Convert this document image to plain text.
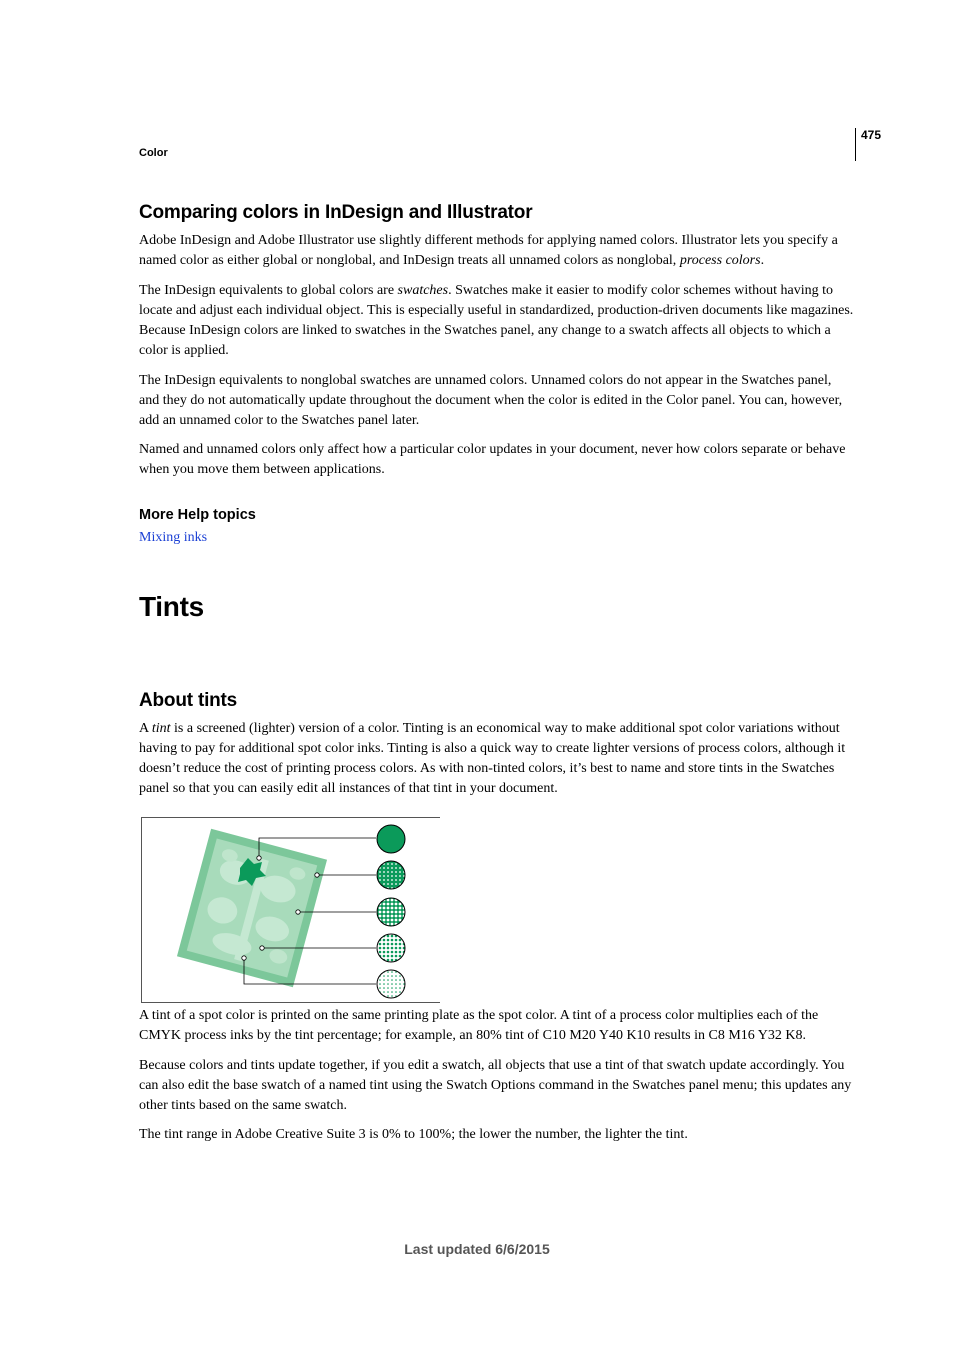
475
Color
Comparing colors in InDesign and Illustrator
Adobe InDesign and Adobe Illustrator use slightly different methods for applying named colors. Illustrator lets you specify a named color as either global or nonglobal, and InDesign treats all unnamed colors as nonglobal, process colors.
The InDesign equivalents to global colors are swatches. Swatches make it easier to modify color schemes without having to locate and adjust each individual object. This is especially useful in standardized, production-driven documents like magazines. Because InDesign colors are linked to swatches in the Swatches panel, any change to a swatch affects all objects to which a color is applied.
The InDesign equivalents to nonglobal swatches are unnamed colors. Unnamed colors do not appear in the Swatches panel, and they do not automatically update throughout the document when the color is edited in the Color panel. You can, however, add an unnamed color to the Swatches panel later.
Named and unnamed colors only affect how a particular color updates in your document, never how colors separate or behave when you move them between applications.
More Help topics
Mixing inks
Tints
About tints
A tint is a screened (lighter) version of a color. Tinting is an economical way to make additional spot color variations without having to pay for additional spot color inks. Tinting is also a quick way to create lighter versions of process colors, although it doesn’t reduce the cost of printing process colors. As with non-tinted colors, it’s best to name and store tints in the Swatches panel so that you can easily edit all instances of that tint in your document.
A tint of a spot color is printed on the same printing plate as the spot color. A tint of a process color multiplies each of the CMYK process inks by the tint percentage; for example, an 80% tint of C10 M20 Y40 K10 results in C8 M16 Y32 K8.
Because colors and tints update together, if you edit a swatch, all objects that use a tint of that swatch update accordingly. You can also edit the base swatch of a named tint using the Swatch Options command in the Swatches panel menu; this updates any other tints based on the same swatch.
The tint range in Adobe Creative Suite 3 is 0% to 100%; the lower the number, the lighter the tint.
Last updated 6/6/2015
